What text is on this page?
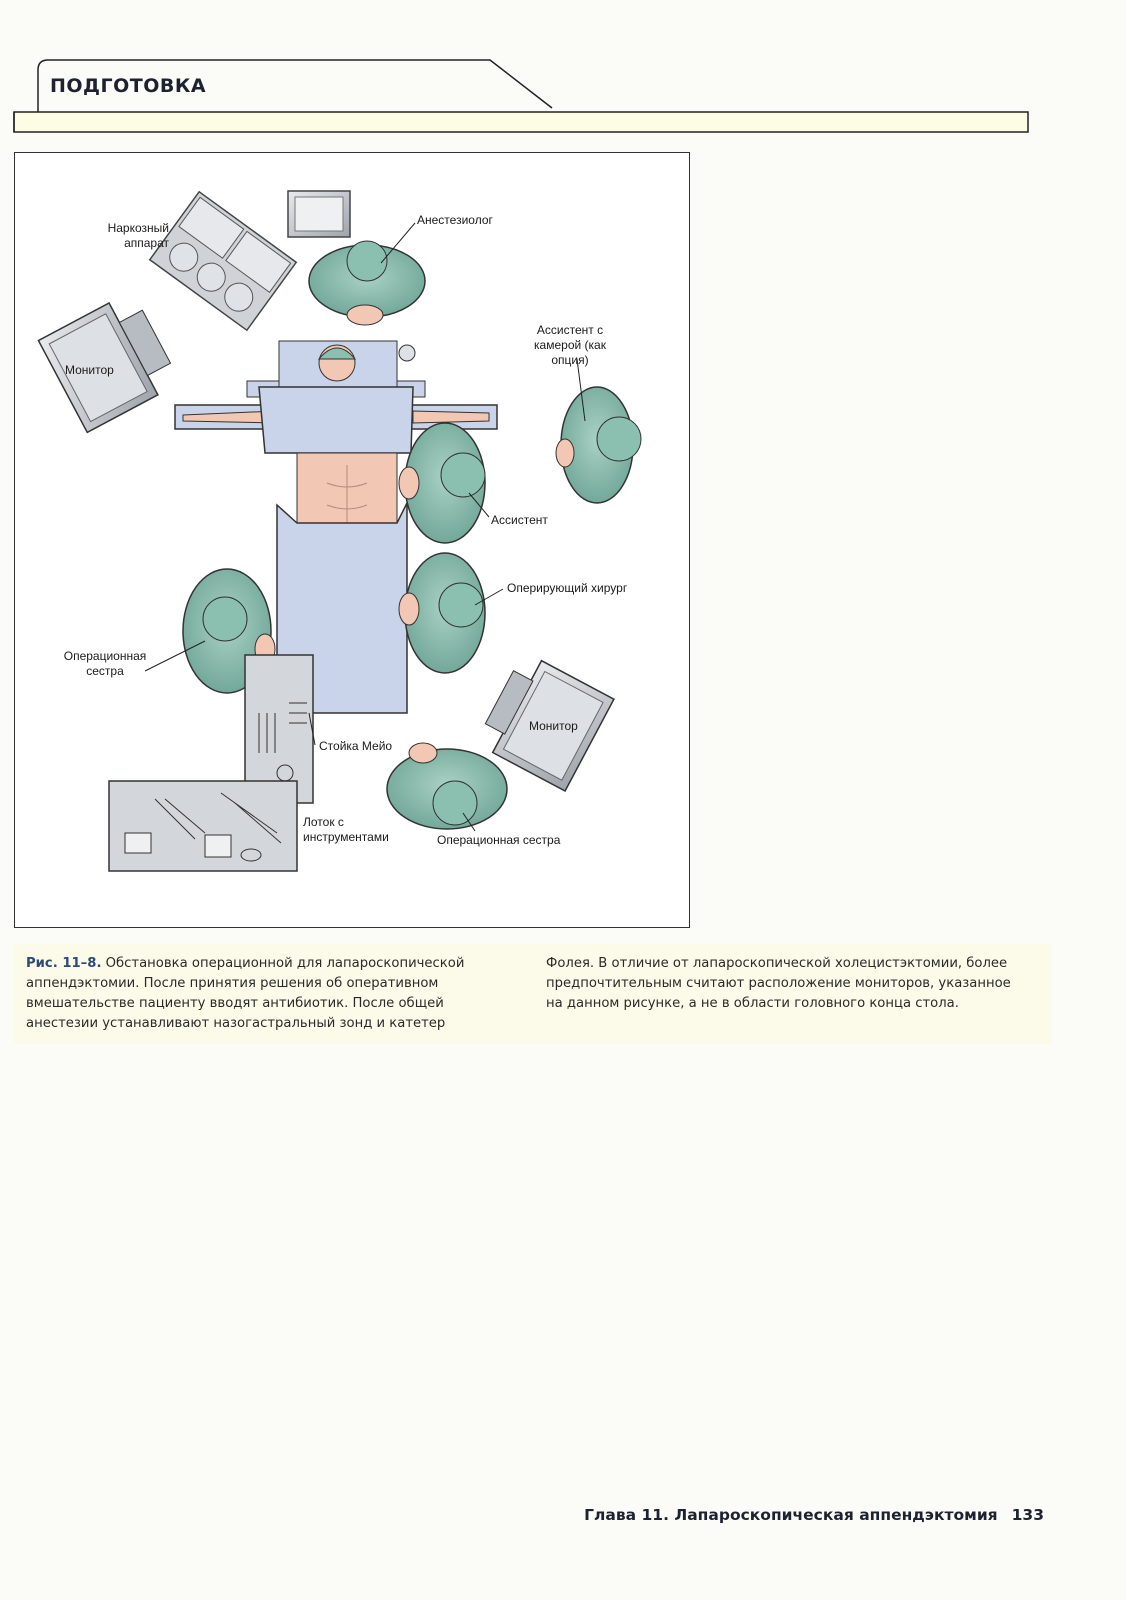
ПОДГОТОВКА
Наркозный аппарат
Анестезиолог
Монитор
Ассистент с камерой (как опция)
Ассистент
Оперирующий хирург
Операционная сестра
Стойка Мейо
Монитор
Лоток с инструментами	Операционная сестра
Рис. 11–8. Обстановка операционной для лапароскопической аппендэктомии. После принятия решения об оперативном вмешательстве пациенту вводят антибиотик. После общей анестезии устанавливают назогастральный зонд и катетер
Фолея. В отличие от лапароскопической холецистэктомии, более предпочтительным считают расположение мониторов, указанное на данном рисунке, а не в области головного конца стола.
Глава 11. Лапароскопическая аппендэктомия 133
